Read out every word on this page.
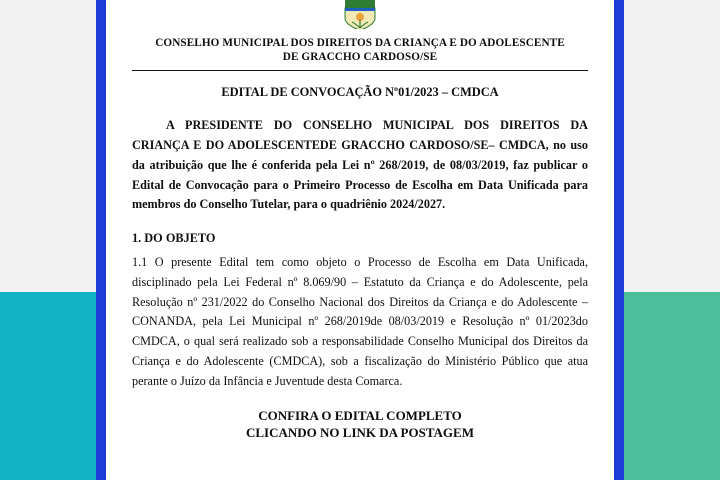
CONSELHO MUNICIPAL DOS DIREITOS DA CRIANÇA E DO ADOLESCENTE
DE GRACCHO CARDOSO/SE
EDITAL DE CONVOCAÇÃO Nº01/2023 – CMDCA

A PRESIDENTE DO CONSELHO MUNICIPAL DOS DIREITOS DA CRIANÇA E DO ADOLESCENTEDE GRACCHO CARDOSO/SE– CMDCA, no uso da atribuição que lhe é conferida pela Lei nº 268/2019, de 08/03/2019, faz publicar o Edital de Convocação para o Primeiro Processo de Escolha em Data Unificada para membros do Conselho Tutelar, para o quadriênio 2024/2027.

1. DO OBJETO

1.1 O presente Edital tem como objeto o Processo de Escolha em Data Unificada, disciplinado pela Lei Federal nº 8.069/90 – Estatuto da Criança e do Adolescente, pela Resolução nº 231/2022 do Conselho Nacional dos Direitos da Criança e do Adolescente – CONANDA, pela Lei Municipal nº 268/2019de 08/03/2019 e Resolução nº 01/2023do CMDCA, o qual será realizado sob a responsabilidade Conselho Municipal dos Direitos da Criança e do Adolescente (CMDCA), sob a fiscalização do Ministério Público que atua perante o Juízo da Infância e Juventude desta Comarca.

CONFIRA O EDITAL COMPLETO
CLICANDO NO LINK DA POSTAGEM
